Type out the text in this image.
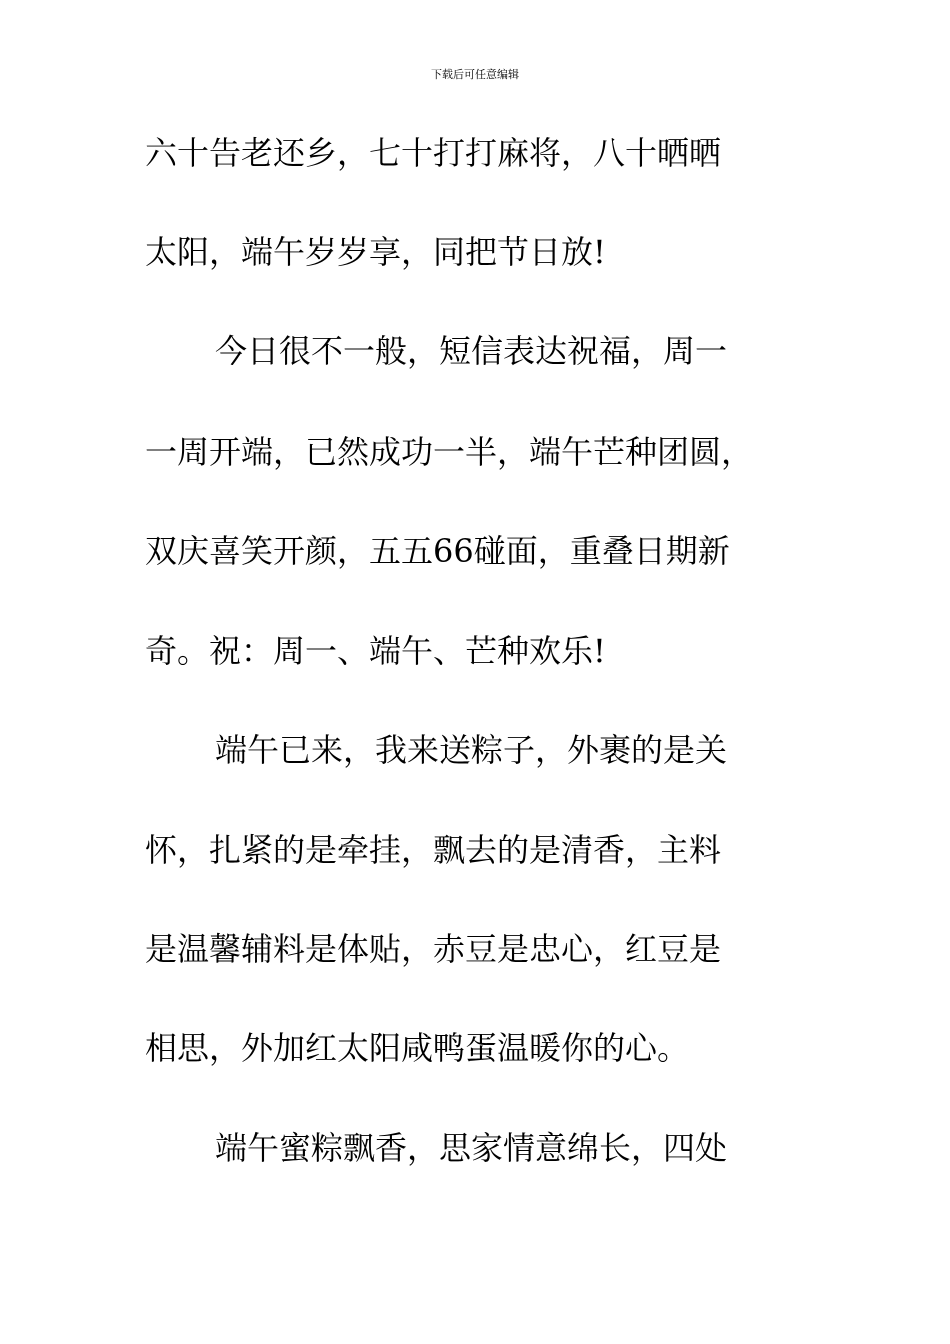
下载后可任意编辑
六十告老还乡，七十打打麻将，八十晒晒
太阳，端午岁岁享，同把节日放!
今日很不一般，短信表达祝福，周一
一周开端，已然成功一半，端午芒种团圆，
双庆喜笑开颜，五五66碰面，重叠日期新
奇。祝：周一、端午、芒种欢乐!
端午已来，我来送粽子，外裹的是关
怀，扎紧的是牵挂，飘去的是清香，主料
是温馨辅料是体贴，赤豆是忠心，红豆是
相思，外加红太阳咸鸭蛋温暖你的心。
端午蜜粽飘香，思家情意绵长，四处
